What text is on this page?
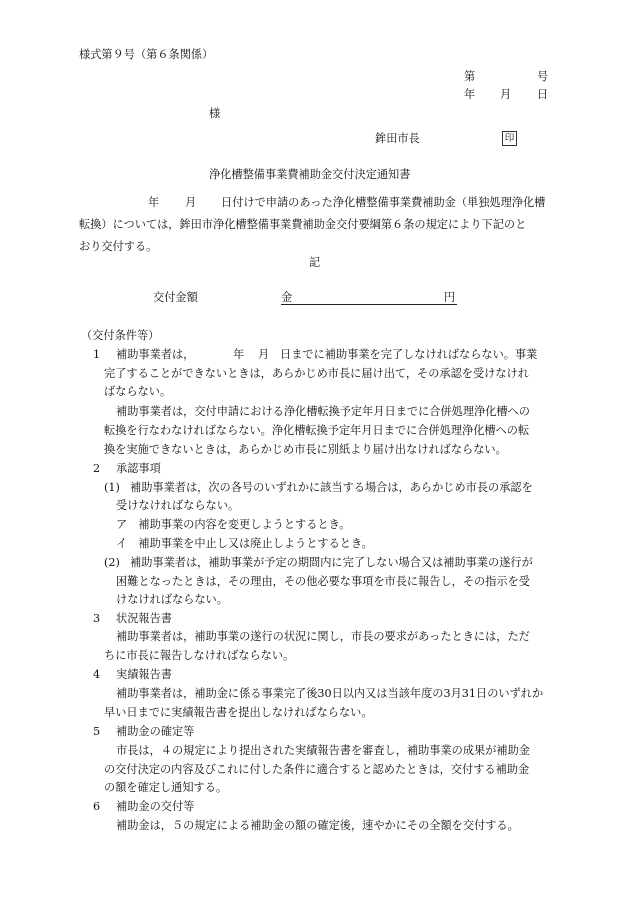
様式第９号（第６条関係）
第	号
年 月 日
様
鉾田市長	印
浄化槽整備事業費補助金交付決定通知書
年 月 日付けで申請のあった浄化槽整備事業費補助金（単独処理浄化槽
転換）については，鉾田市浄化槽整備事業費補助金交付要綱第６条の規定により下記のと
おり交付する。
記
交付金額	金	円
（交付条件等）
1 補助事業者は，	年 月 日までに補助事業を完了しなければならない。事業
完了することができないときは，あらかじめ市長に届け出て，その承認を受けなけれ
ばならない。
補助事業者は，交付申請における浄化槽転換予定年月日までに合併処理浄化槽への
転換を行なわなければならない。浄化槽転換予定年月日までに合併処理浄化槽への転
換を実施できないときは，あらかじめ市長に別紙より届け出なければならない。
2 承認事項
(1) 補助事業者は，次の各号のいずれかに該当する場合は，あらかじめ市長の承認を
受けなければならない。
ア　補助事業の内容を変更しようとするとき。
イ　補助事業を中止し又は廃止しようとするとき。
(2) 補助事業者は，補助事業が予定の期間内に完了しない場合又は補助事業の遂行が
困難となったときは，その理由，その他必要な事項を市長に報告し，その指示を受
けなければならない。
3 状況報告書
補助事業者は，補助事業の遂行の状況に関し，市長の要求があったときには，ただ
ちに市長に報告しなければならない。
4 実績報告書
補助事業者は，補助金に係る事業完了後30日以内又は当該年度の3月31日のいずれか
早い日までに実績報告書を提出しなければならない。
5 補助金の確定等
市長は，４の規定により提出された実績報告書を審査し，補助事業の成果が補助金
の交付決定の内容及びこれに付した条件に適合すると認めたときは，交付する補助金
の額を確定し通知する。
6 補助金の交付等
補助金は，５の規定による補助金の額の確定後，速やかにその全額を交付する。
